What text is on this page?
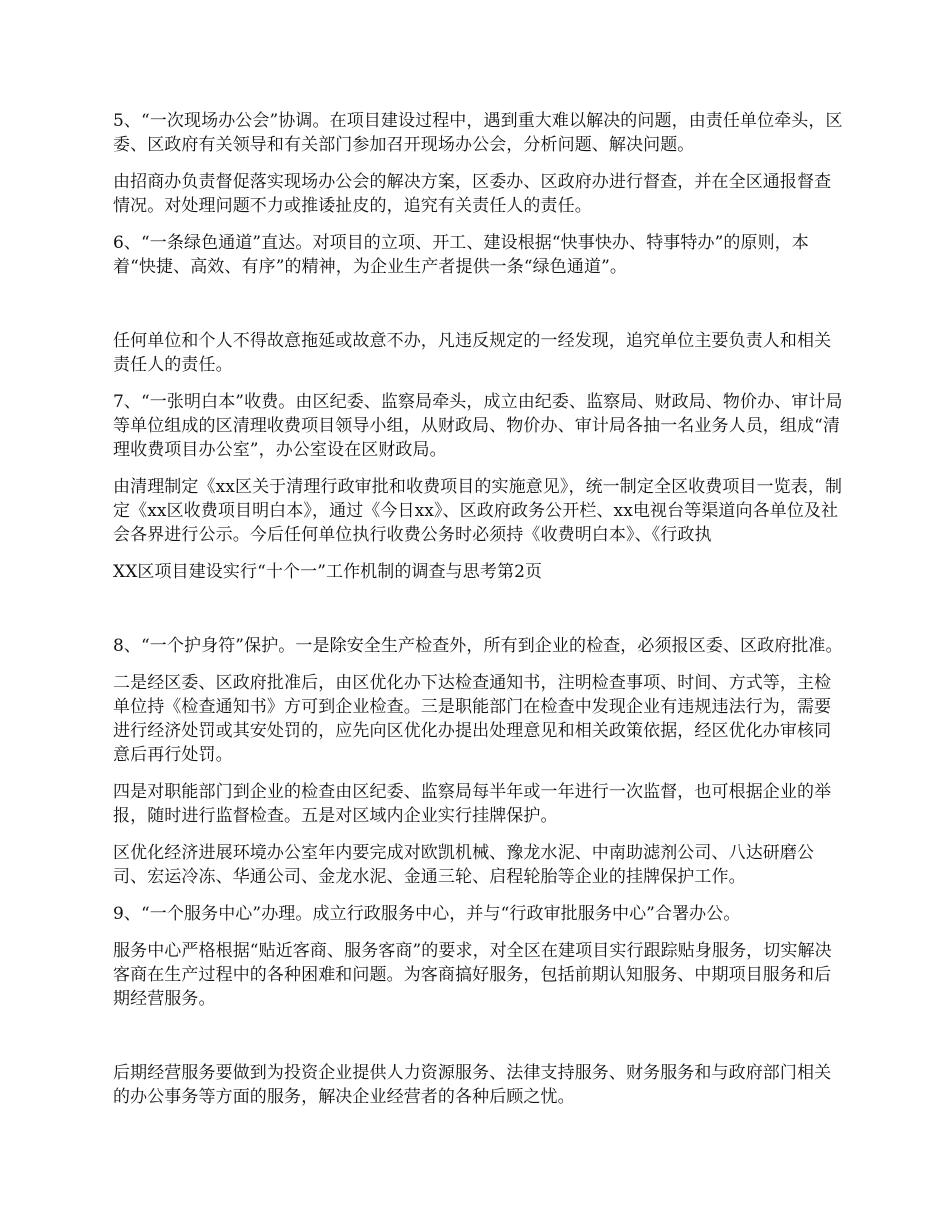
5、“一次现场办公会”协调。在项目建设过程中，遇到重大难以解决的问题，由责任单位牵头，区委、区政府有关领导和有关部门参加召开现场办公会，分析问题、解决问题。

由招商办负责督促落实现场办公会的解决方案，区委办、区政府办进行督查，并在全区通报督查情况。对处理问题不力或推诿扯皮的，追究有关责任人的责任。

6、“一条绿色通道”直达。对项目的立项、开工、建设根据“快事快办、特事特办”的原则，本着“快捷、高效、有序”的精神，为企业生产者提供一条“绿色通道”。

任何单位和个人不得故意拖延或故意不办，凡违反规定的一经发现，追究单位主要负责人和相关责任人的责任。

7、“一张明白本”收费。由区纪委、监察局牵头，成立由纪委、监察局、财政局、物价办、审计局等单位组成的区清理收费项目领导小组，从财政局、物价办、审计局各抽一名业务人员，组成“清理收费项目办公室”，办公室设在区财政局。

由清理制定《xx区关于清理行政审批和收费项目的实施意见》，统一制定全区收费项目一览表，制定《xx区收费项目明白本》，通过《今日xx》、区政府政务公开栏、xx电视台等渠道向各单位及社会各界进行公示。今后任何单位执行收费公务时必须持《收费明白本》、《行政执

XX区项目建设实行“十个一”工作机制的调查与思考第2页

8、“一个护身符”保护。一是除安全生产检查外，所有到企业的检查，必须报区委、区政府批准。

二是经区委、区政府批准后，由区优化办下达检查通知书，注明检查事项、时间、方式等，主检单位持《检查通知书》方可到企业检查。三是职能部门在检查中发现企业有违规违法行为，需要进行经济处罚或其安处罚的，应先向区优化办提出处理意见和相关政策依据，经区优化办审核同意后再行处罚。

四是对职能部门到企业的检查由区纪委、监察局每半年或一年进行一次监督，也可根据企业的举报，随时进行监督检查。五是对区域内企业实行挂牌保护。

区优化经济进展环境办公室年内要完成对欧凯机械、豫龙水泥、中南助滤剂公司、八达研磨公司、宏运冷冻、华通公司、金龙水泥、金通三轮、启程轮胎等企业的挂牌保护工作。

9、“一个服务中心”办理。成立行政服务中心，并与“行政审批服务中心”合署办公。

服务中心严格根据“贴近客商、服务客商”的要求，对全区在建项目实行跟踪贴身服务，切实解决客商在生产过程中的各种困难和问题。为客商搞好服务，包括前期认知服务、中期项目服务和后期经营服务。

后期经营服务要做到为投资企业提供人力资源服务、法律支持服务、财务服务和与政府部门相关的办公事务等方面的服务，解决企业经营者的各种后顾之忧。
